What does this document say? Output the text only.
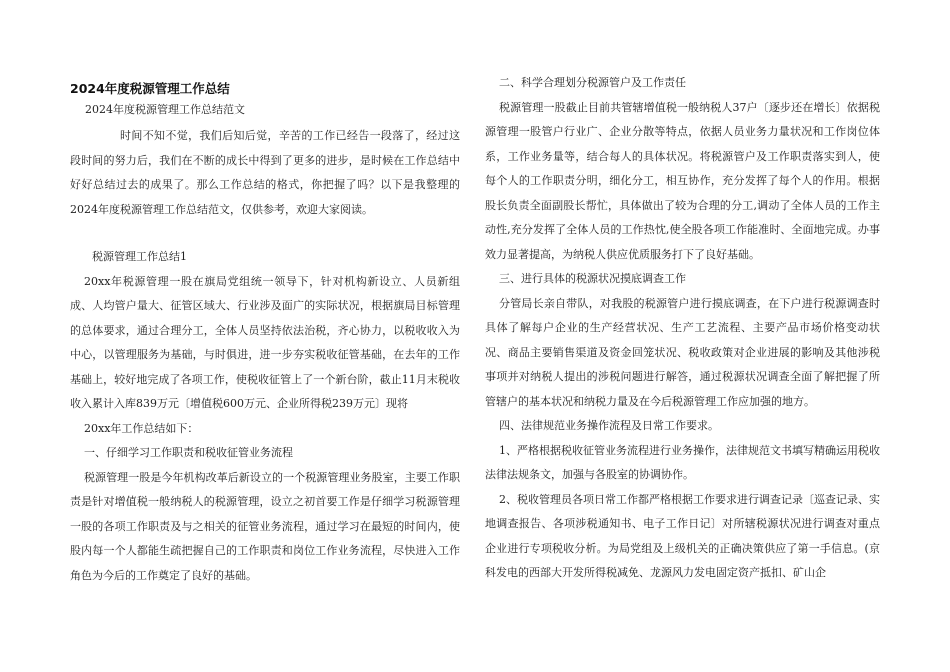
2024年度税源管理工作总结
2024年度税源管理工作总结范文

时间不知不觉，我们后知后觉，辛苦的工作已经告一段落了，经过这段时间的努力后，我们在不断的成长中得到了更多的进步，是时候在工作总结中好好总结过去的成果了。那么工作总结的格式，你把握了吗？以下是我整理的2024年度税源管理工作总结范文，仅供参考，欢迎大家阅读。

税源管理工作总结1

20xx年税源管理一股在旗局党组统一领导下，针对机构新设立、人员新组成、人均管户量大、征管区域大、行业涉及面广的实际状况，根据旗局目标管理的总体要求，通过合理分工，全体人员坚持依法治税，齐心协力，以税收收入为中心，以管理服务为基础，与时俱进，进一步夯实税收征管基础，在去年的工作基础上，较好地完成了各项工作，使税收征管上了一个新台阶，截止11月末税收收入累计入库839万元〔增值税600万元、企业所得税239万元〕现将

20xx年工作总结如下：

一、仔细学习工作职责和税收征管业务流程

税源管理一股是今年机构改革后新设立的一个税源管理业务股室，主要工作职责是针对增值税一般纳税人的税源管理，设立之初首要工作是仔细学习税源管理一股的各项工作职责及与之相关的征管业务流程，通过学习在最短的时间内，使股内每一个人都能生疏把握自己的工作职责和岗位工作业务流程，尽快进入工作角色为今后的工作奠定了良好的基础。

二、科学合理划分税源管户及工作责任

税源管理一股截止目前共管辖增值税一般纳税人37户〔逐步还在增长〕依据税源管理一股管户行业广、企业分散等特点，依据人员业务力量状况和工作岗位体系，工作业务量等，结合每人的具体状况。将税源管户及工作职责落实到人，使每个人的工作职责分明，细化分工，相互协作，充分发挥了每个人的作用。根据股长负责全面副股长帮忙，具体做出了较为合理的分工,调动了全体人员的工作主动性,充分发挥了全体人员的工作热忱,使全股各项工作能准时、全面地完成。办事效力显著提高，为纳税人供应优质服务打下了良好基础。

三、进行具体的税源状况摸底调查工作

分管局长亲自带队，对我股的税源管户进行摸底调查，在下户进行税源调查时具体了解每户企业的生产经营状况、生产工艺流程、主要产品市场价格变动状况、商品主要销售渠道及资金回笼状况、税收政策对企业进展的影响及其他涉税事项并对纳税人提出的涉税问题进行解答，通过税源状况调查全面了解把握了所管辖户的基本状况和纳税力量及在今后税源管理工作应加强的地方。

四、法律规范业务操作流程及日常工作要求。

1、严格根据税收征管业务流程进行业务操作，法律规范文书填写精确运用税收法律法规条文，加强与各股室的协调协作。

2、税收管理员各项日常工作都严格根据工作要求进行调查记录〔巡查记录、实地调查报告、各项涉税通知书、电子工作日记〕对所辖税源状况进行调查对重点企业进行专项税收分析。为局党组及上级机关的正确决策供应了第一手信息。(京科发电的西部大开发所得税减免、龙源风力发电固定资产抵扣、矿山企
